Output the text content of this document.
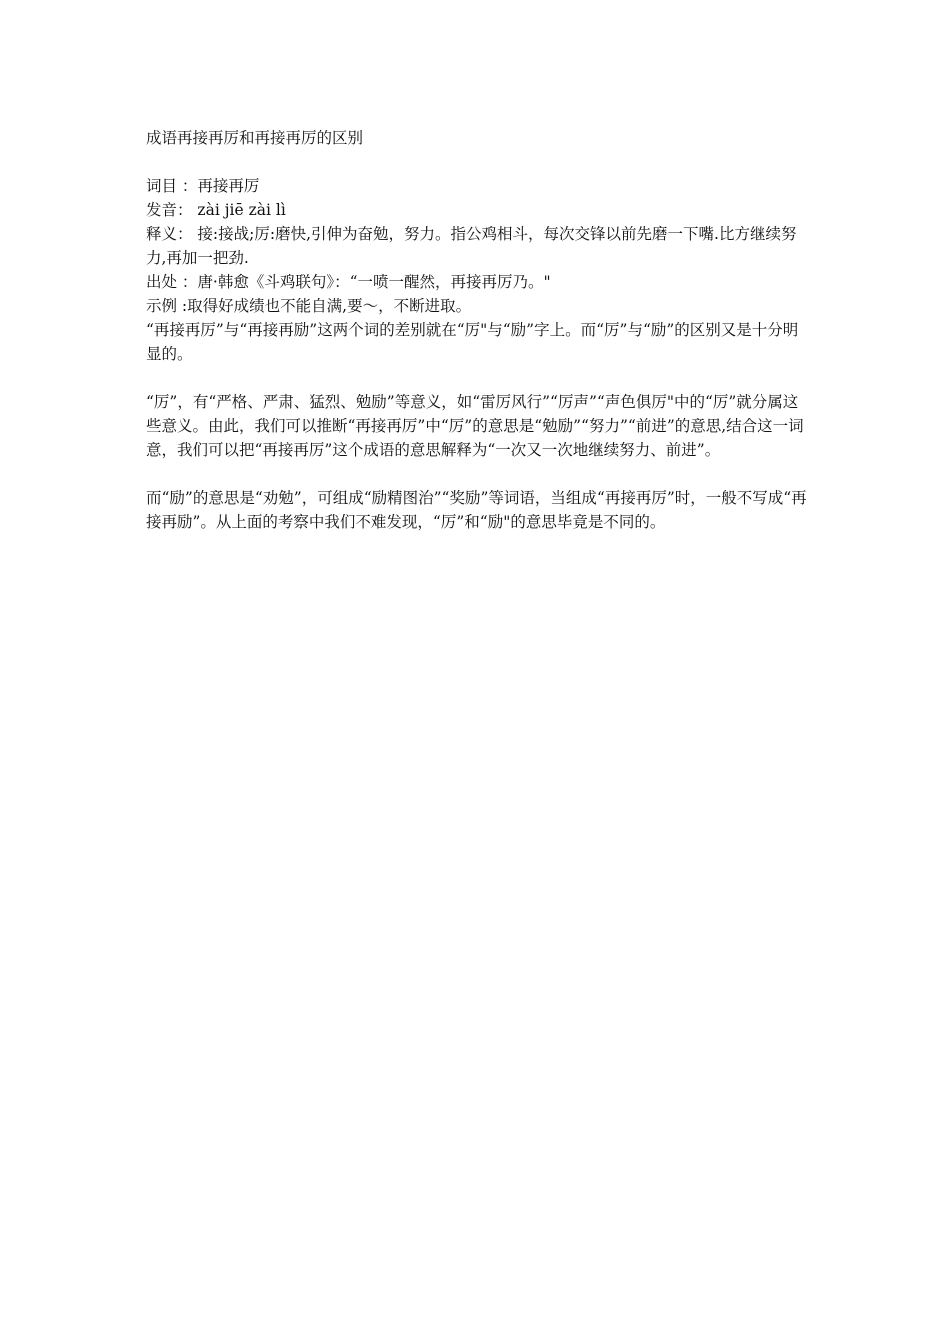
成语再接再厉和再接再厉的区别
词目 ：再接再厉
发音： zài jiē zài lì
释义： 接:接战;厉:磨快,引伸为奋勉，努力。指公鸡相斗，每次交锋以前先磨一下嘴.比方继续努力,再加一把劲.
出处 ：唐·韩愈《斗鸡联句》：“一喷一醒然，再接再厉乃。"
示例 :取得好成绩也不能自满,要～，不断进取。
“再接再厉”与“再接再励”这两个词的差别就在“厉"与“励”字上。而“厉”与“励”的区别又是十分明显的。
“厉”，有“严格、严肃、猛烈、勉励”等意义，如“雷厉风行”“厉声”“声色俱厉"中的“厉”就分属这些意义。由此，我们可以推断“再接再厉”中“厉”的意思是“勉励”“努力”“前进”的意思,结合这一词意，我们可以把“再接再厉”这个成语的意思解释为“一次又一次地继续努力、前进”。
而“励”的意思是“劝勉”，可组成“励精图治”“奖励”等词语，当组成“再接再厉”时，一般不写成“再接再励”。从上面的考察中我们不难发现，“厉”和“励"的意思毕竟是不同的。
